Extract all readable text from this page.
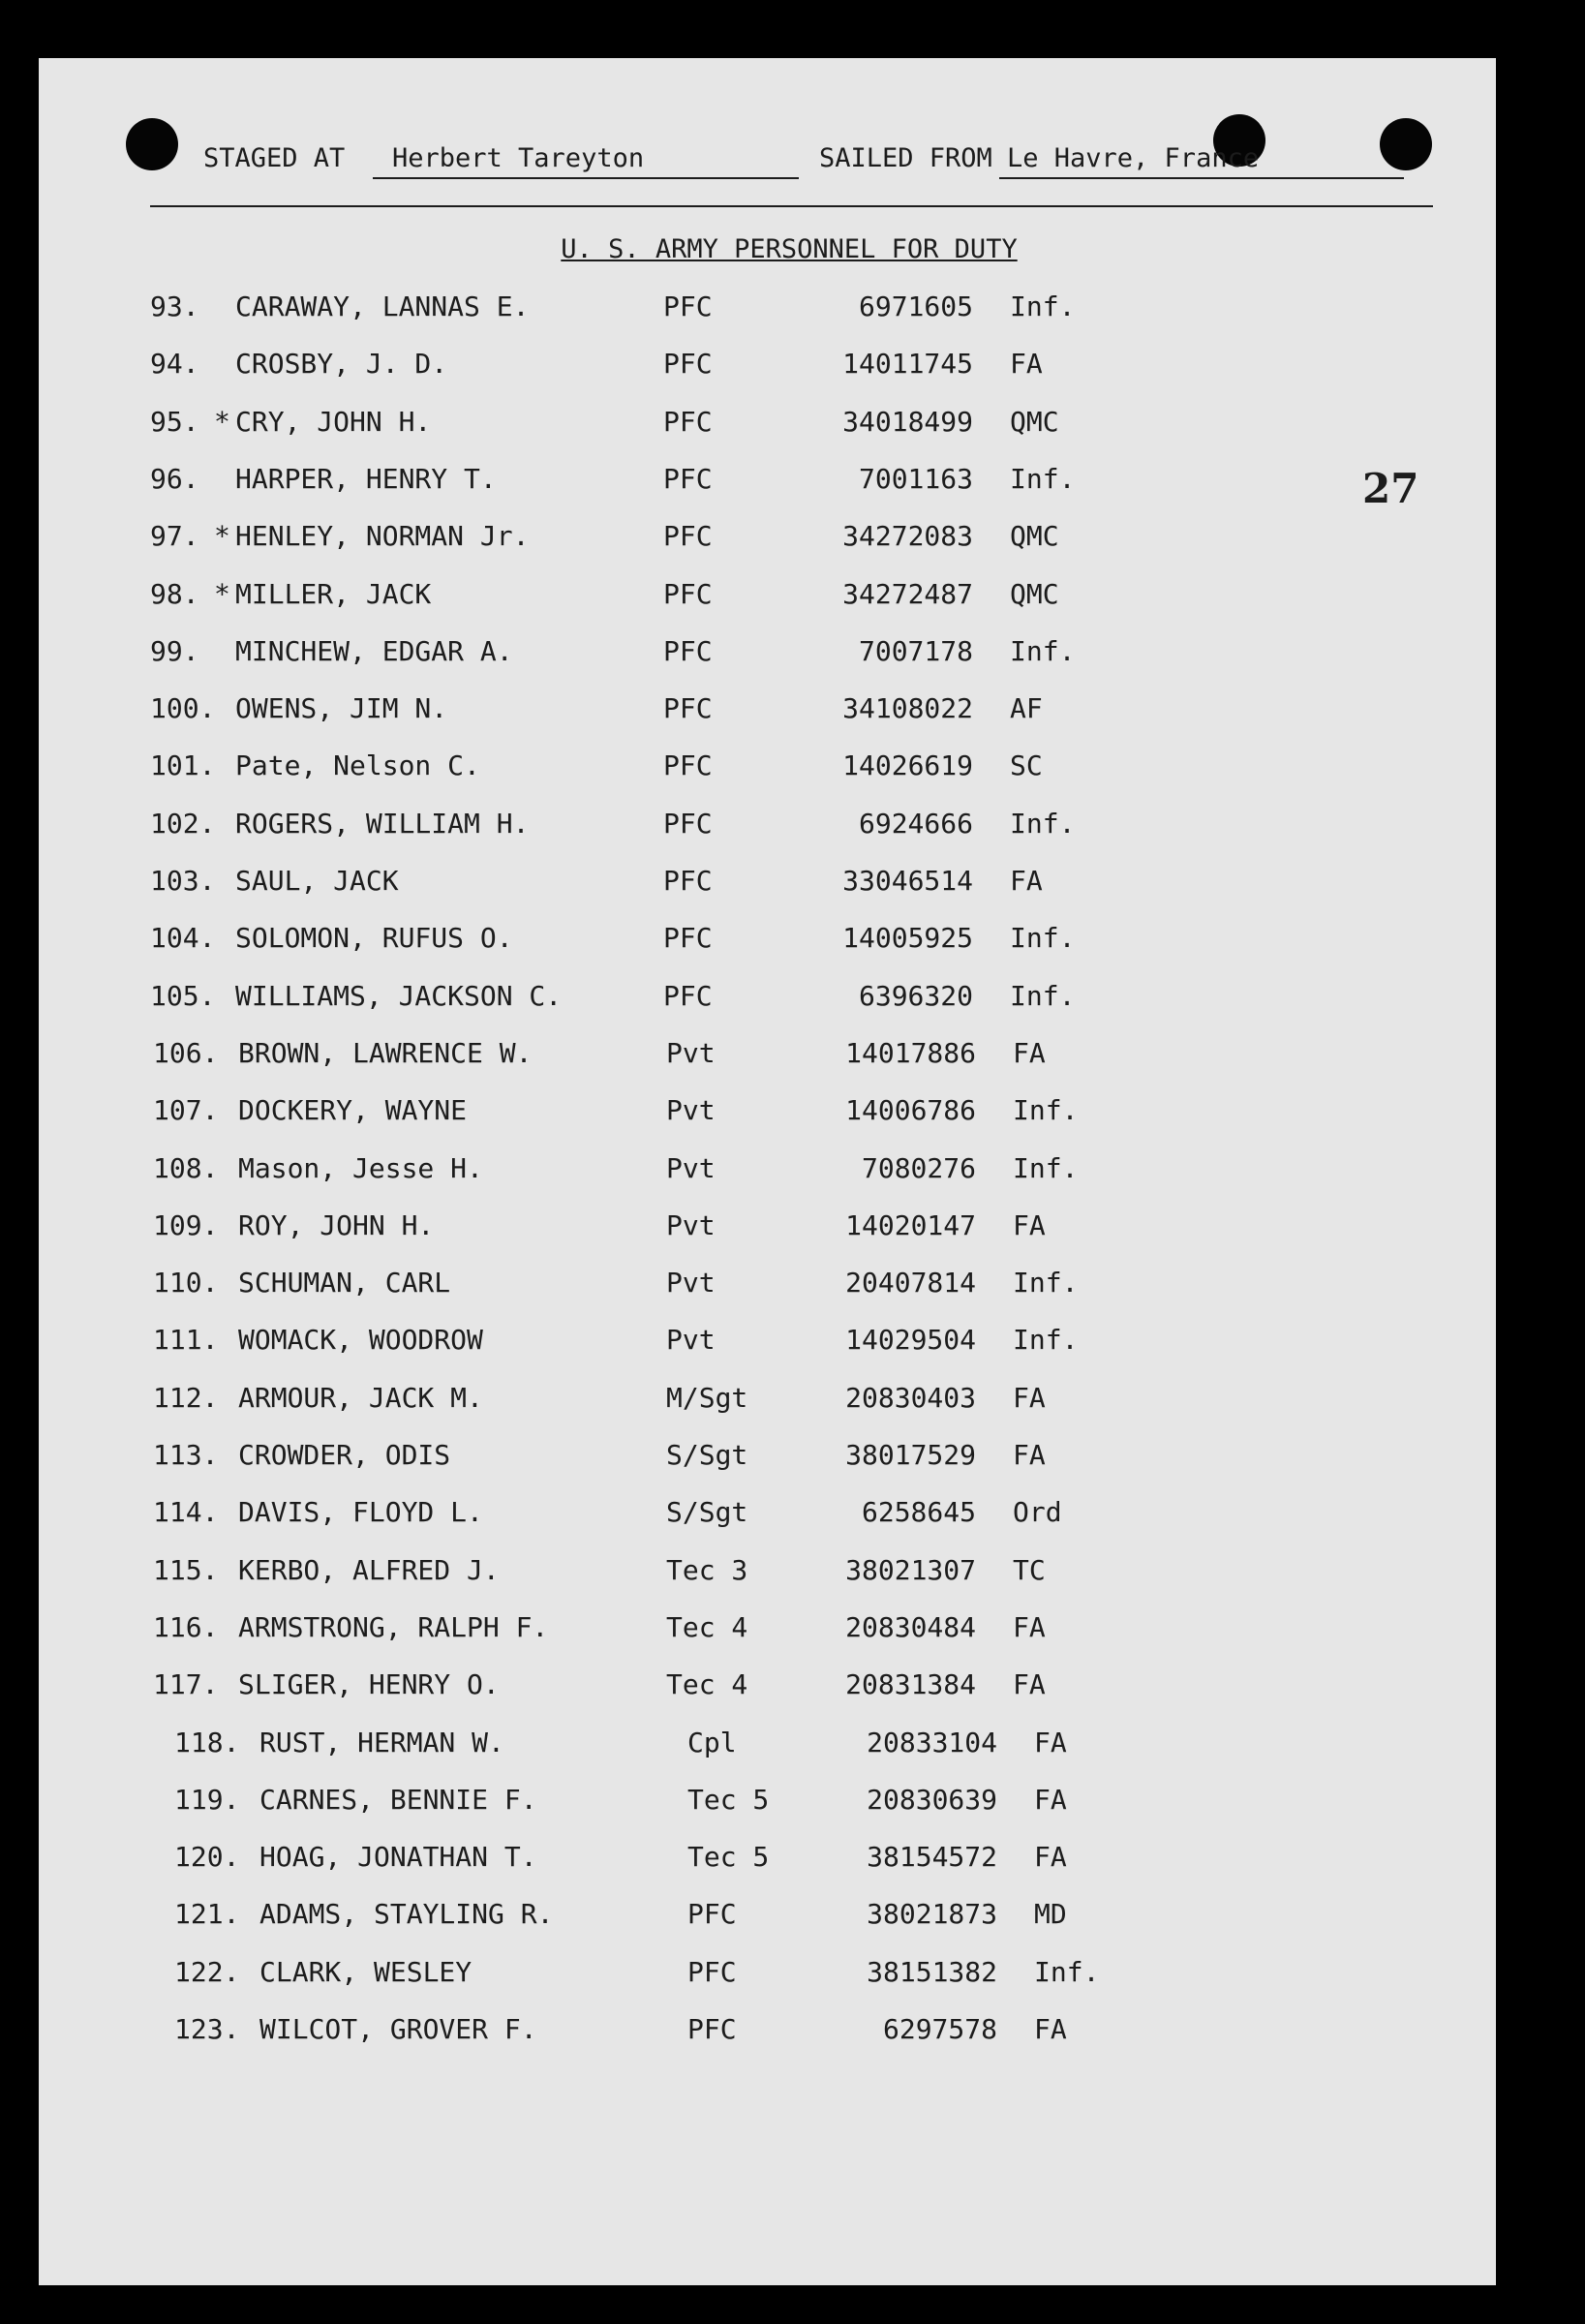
STAGED AT	Herbert Tareyton	SAILED FROM Le Havre, France
U. S. ARMY PERSONNEL FOR DUTY
27
93. CARAWAY, LANNAS E.	PFC	6971605 Inf.
94. CROSBY, J. D.	PFC	14011745 FA
95. * CRY, JOHN H.	PFC	34018499 QMC
96. HARPER, HENRY T.	PFC	7001163 Inf.
97. * HENLEY, NORMAN Jr.	PFC	34272083 QMC
98. * MILLER, JACK	PFC	34272487 QMC
99. MINCHEW, EDGAR A.	PFC	7007178 Inf.
100. OWENS, JIM N.	PFC	34108022 AF
101. Pate, Nelson C.	PFC	14026619 SC
102. ROGERS, WILLIAM H.	PFC	6924666 Inf.
103. SAUL, JACK	PFC	33046514 FA
104. SOLOMON, RUFUS O.	PFC	14005925 Inf.
105. WILLIAMS, JACKSON C.	PFC	6396320 Inf.
106. BROWN, LAWRENCE W.	Pvt	14017886 FA
107. DOCKERY, WAYNE	Pvt	14006786 Inf.
108. Mason, Jesse H.	Pvt	7080276 Inf.
109. ROY, JOHN H.	Pvt	14020147 FA
110. SCHUMAN, CARL	Pvt	20407814 Inf.
111. WOMACK, WOODROW	Pvt	14029504 Inf.
112. ARMOUR, JACK M.	M/Sgt	20830403 FA
113. CROWDER, ODIS	S/Sgt	38017529 FA
114. DAVIS, FLOYD L.	S/Sgt	6258645 Ord
115. KERBO, ALFRED J.	Tec 3	38021307 TC
116. ARMSTRONG, RALPH F.	Tec 4	20830484 FA
117. SLIGER, HENRY O.	Tec 4	20831384 FA
118. RUST, HERMAN W.	Cpl	20833104 FA
119. CARNES, BENNIE F.	Tec 5	20830639 FA
120. HOAG, JONATHAN T.	Tec 5	38154572 FA
121. ADAMS, STAYLING R.	PFC	38021873 MD
122. CLARK, WESLEY	PFC	38151382 Inf.
123. WILCOT, GROVER F.	PFC	6297578 FA
